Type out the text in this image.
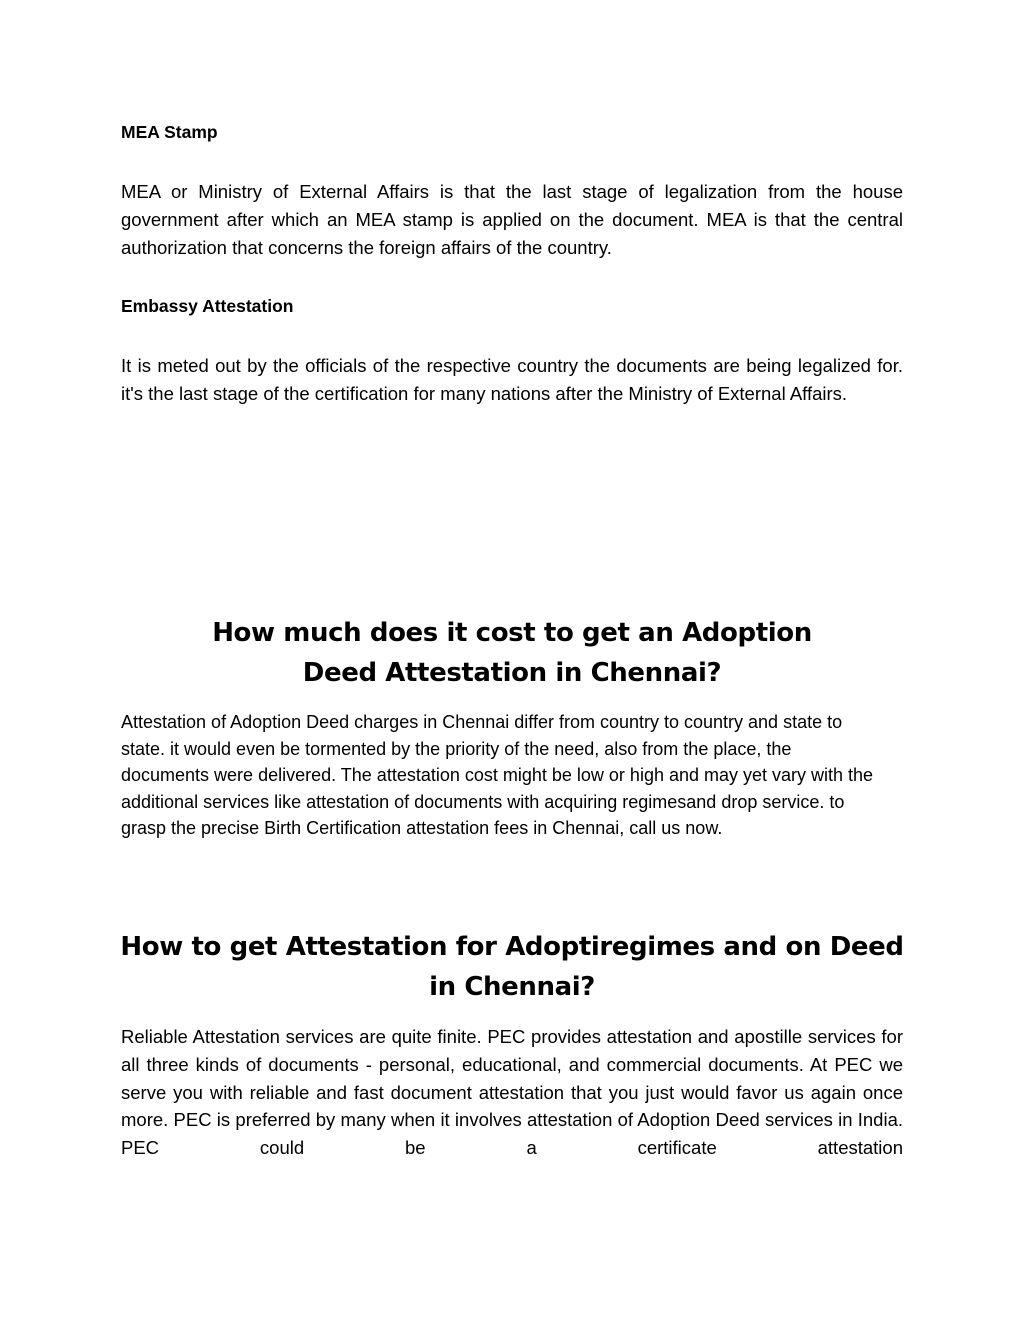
MEA Stamp

MEA or Ministry of External Affairs is that the last stage of legalization from the house government after which an MEA stamp is applied on the document. MEA is that the central authorization that concerns the foreign affairs of the country.

Embassy Attestation

It is meted out by the officials of the respective country the documents are being legalized for. it's the last stage of the certification for many nations after the Ministry of External Affairs.

How much does it cost to get an Adoption Deed Attestation in Chennai?

Attestation of Adoption Deed charges in Chennai differ from country to country and state to state. it would even be tormented by the priority of the need, also from the place, the documents were delivered. The attestation cost might be low or high and may yet vary with the additional services like attestation of documents with acquiring regimesand drop service. to grasp the precise Birth Certification attestation fees in Chennai, call us now.

How to get Attestation for Adoptiregimes and on Deed in Chennai?

Reliable Attestation services are quite finite. PEC provides attestation and apostille services for all three kinds of documents - personal, educational, and commercial documents. At PEC we serve you with reliable and fast document attestation that you just would favor us again once more. PEC is preferred by many when it involves attestation of Adoption Deed services in India. PEC could be a certificate attestation
